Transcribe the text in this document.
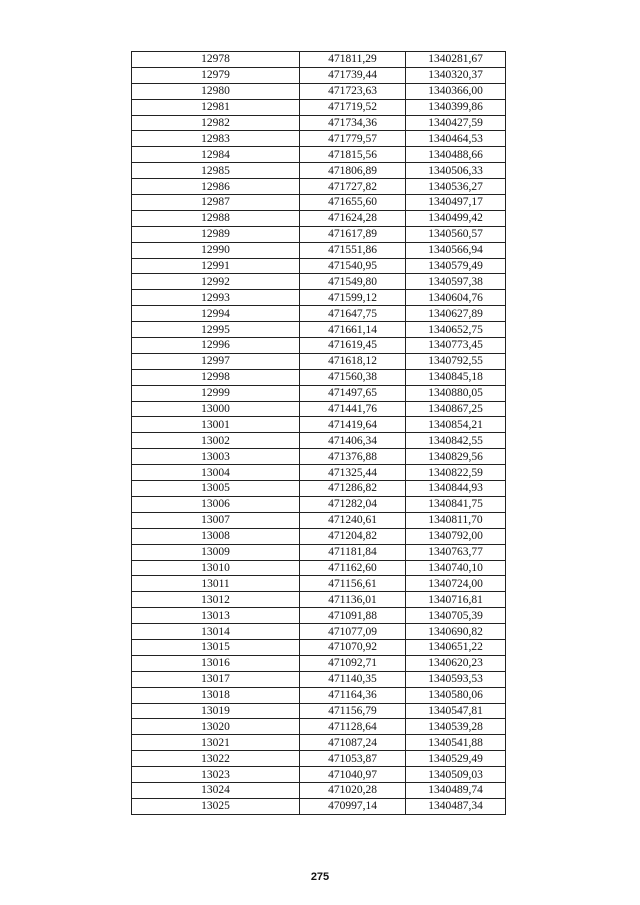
12978	471811,29	1340281,67
12979	471739,44	1340320,37
12980	471723,63	1340366,00
12981	471719,52	1340399,86
12982	471734,36	1340427,59
12983	471779,57	1340464,53
12984	471815,56	1340488,66
12985	471806,89	1340506,33
12986	471727,82	1340536,27
12987	471655,60	1340497,17
12988	471624,28	1340499,42
12989	471617,89	1340560,57
12990	471551,86	1340566,94
12991	471540,95	1340579,49
12992	471549,80	1340597,38
12993	471599,12	1340604,76
12994	471647,75	1340627,89
12995	471661,14	1340652,75
12996	471619,45	1340773,45
12997	471618,12	1340792,55
12998	471560,38	1340845,18
12999	471497,65	1340880,05
13000	471441,76	1340867,25
13001	471419,64	1340854,21
13002	471406,34	1340842,55
13003	471376,88	1340829,56
13004	471325,44	1340822,59
13005	471286,82	1340844,93
13006	471282,04	1340841,75
13007	471240,61	1340811,70
13008	471204,82	1340792,00
13009	471181,84	1340763,77
13010	471162,60	1340740,10
13011	471156,61	1340724,00
13012	471136,01	1340716,81
13013	471091,88	1340705,39
13014	471077,09	1340690,82
13015	471070,92	1340651,22
13016	471092,71	1340620,23
13017	471140,35	1340593,53
13018	471164,36	1340580,06
13019	471156,79	1340547,81
13020	471128,64	1340539,28
13021	471087,24	1340541,88
13022	471053,87	1340529,49
13023	471040,97	1340509,03
13024	471020,28	1340489,74
13025	470997,14	1340487,34
275
